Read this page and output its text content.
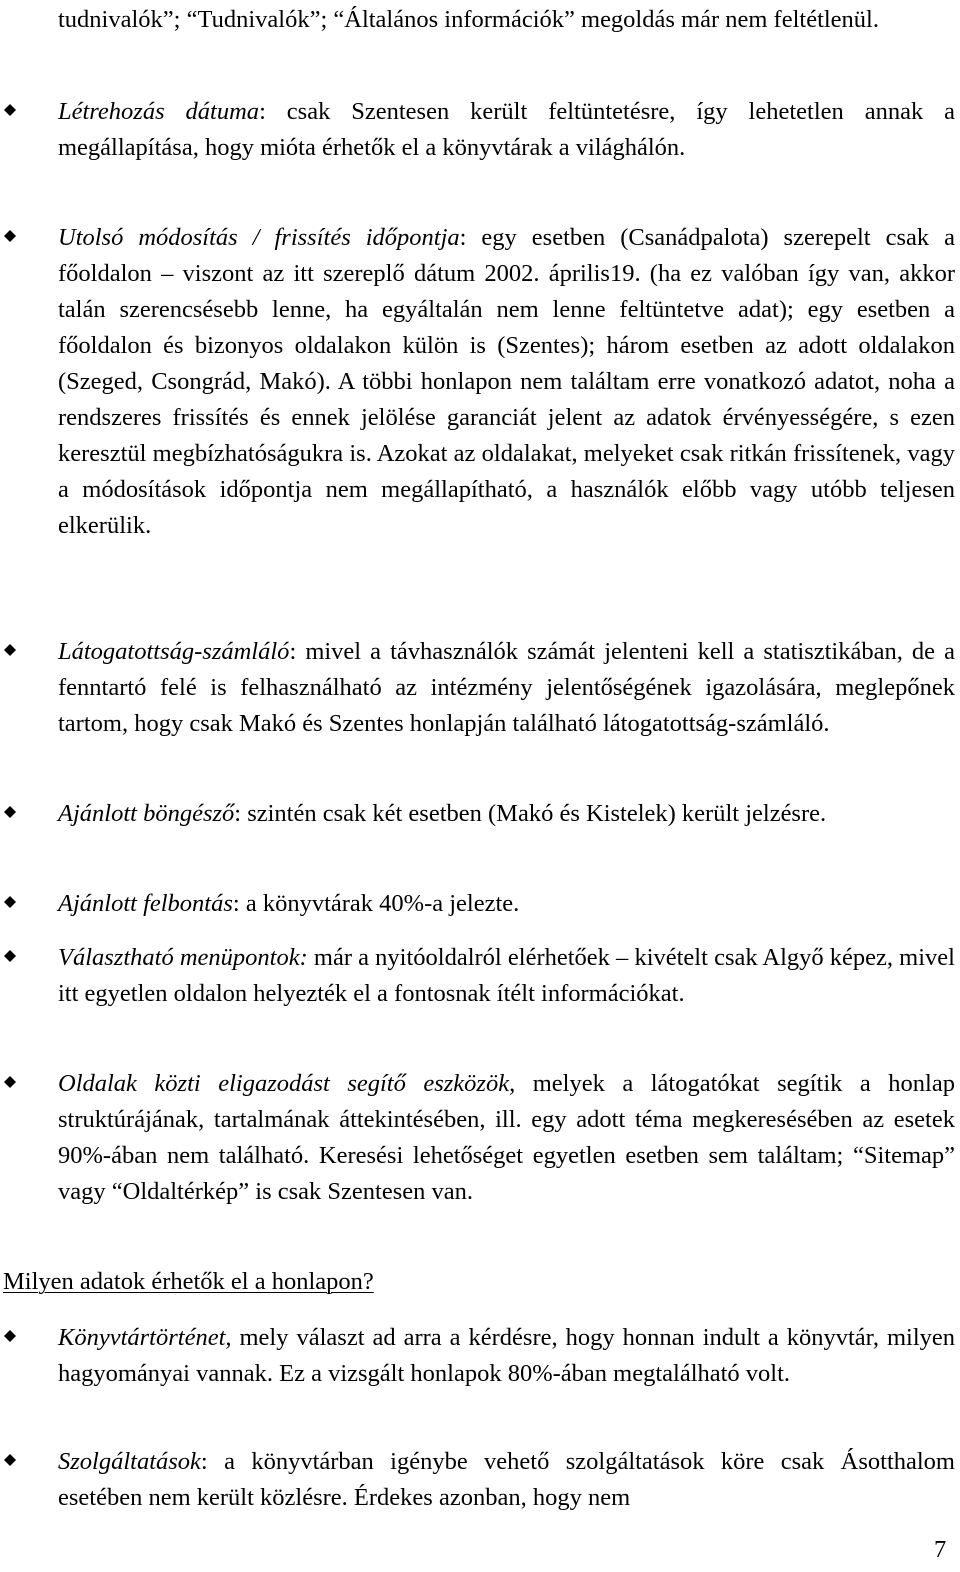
tudnivalók”; “Tudnivalók”; “Általános információk” megoldás már nem feltétlenül.

Létrehozás dátuma: csak Szentesen került feltüntetésre, így lehetetlen annak a megállapítása, hogy mióta érhetők el a könyvtárak a világhálón.

Utolsó módosítás / frissítés időpontja: egy esetben (Csanádpalota) szerepelt csak a főoldalon – viszont az itt szereplő dátum 2002. április19. (ha ez valóban így van, akkor talán szerencsésebb lenne, ha egyáltalán nem lenne feltüntetve adat); egy esetben a főoldalon és bizonyos oldalakon külön is (Szentes); három esetben az adott oldalakon (Szeged, Csongrád, Makó). A többi honlapon nem találtam erre vonatkozó adatot, noha a rendszeres frissítés és ennek jelölése garanciát jelent az adatok érvényességére, s ezen keresztül megbízhatóságukra is. Azokat az oldalakat, melyeket csak ritkán frissítenek, vagy a módosítások időpontja nem megállapítható, a használók előbb vagy utóbb teljesen elkerülik.

Látogatottság-számláló: mivel a távhasználók számát jelenteni kell a statisztikában, de a fenntartó felé is felhasználható az intézmény jelentőségének igazolására, meglepőnek tartom, hogy csak Makó és Szentes honlapján található látogatottság-számláló.

Ajánlott böngésző: szintén csak két esetben (Makó és Kistelek) került jelzésre.

Ajánlott felbontás: a könyvtárak 40%-a jelezte.

Választható menüpontok: már a nyitóoldalról elérhetőek – kivételt csak Algyő képez, mivel itt egyetlen oldalon helyezték el a fontosnak ítélt információkat.

Oldalak közti eligazodást segítő eszközök, melyek a látogatókat segítik a honlap struktúrájának, tartalmának áttekintésében, ill. egy adott téma megkeresésében az esetek 90%-ában nem található. Keresési lehetőséget egyetlen esetben sem találtam; “Sitemap” vagy “Oldaltérkép” is csak Szentesen van.

Milyen adatok érhetők el a honlapon?

Könyvtártörténet, mely választ ad arra a kérdésre, hogy honnan indult a könyvtár, milyen hagyományai vannak. Ez a vizsgált honlapok 80%-ában megtalálható volt.

Szolgáltatások: a könyvtárban igénybe vehető szolgáltatások köre csak Ásotthalom esetében nem került közlésre. Érdekes azonban, hogy nem

7
